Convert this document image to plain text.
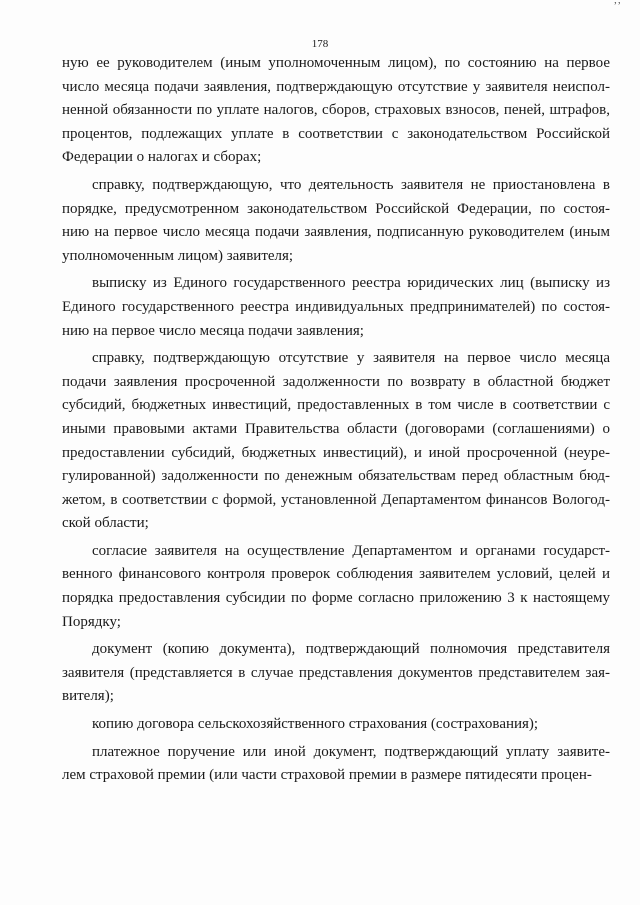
’’
178
ную ее руководителем (иным уполномоченным лицом), по состоянию на первое
число месяца подачи заявления, подтверждающую отсутствие у заявителя неиспол-
ненной обязанности по уплате налогов, сборов, страховых взносов, пеней, штрафов,
процентов, подлежащих уплате в соответствии с законодательством Российской
Федерации о налогах и сборах;
справку, подтверждающую, что деятельность заявителя не приостановлена в
порядке, предусмотренном законодательством Российской Федерации, по состоя-
нию на первое число месяца подачи заявления, подписанную руководителем (иным
уполномоченным лицом) заявителя;
выписку из Единого государственного реестра юридических лиц (выписку из
Единого государственного реестра индивидуальных предпринимателей) по состоя-
нию на первое число месяца подачи заявления;
справку, подтверждающую отсутствие у заявителя на первое число месяца
подачи заявления просроченной задолженности по возврату в областной бюджет
субсидий, бюджетных инвестиций, предоставленных в том числе в соответствии с
иными правовыми актами Правительства области (договорами (соглашениями) о
предоставлении субсидий, бюджетных инвестиций), и иной просроченной (неуре-
гулированной) задолженности по денежным обязательствам перед областным бюд-
жетом, в соответствии с формой, установленной Департаментом финансов Вологод-
ской области;
согласие заявителя на осуществление Департаментом и органами государст-
венного финансового контроля проверок соблюдения заявителем условий, целей и
порядка предоставления субсидии по форме согласно приложению 3 к настоящему
Порядку;
документ (копию документа), подтверждающий полномочия представителя
заявителя (представляется в случае представления документов представителем зая-
вителя);
копию договора сельскохозяйственного страхования (сострахования);
платежное поручение или иной документ, подтверждающий уплату заявите-
лем страховой премии (или части страховой премии в размере пятидесяти процен-
